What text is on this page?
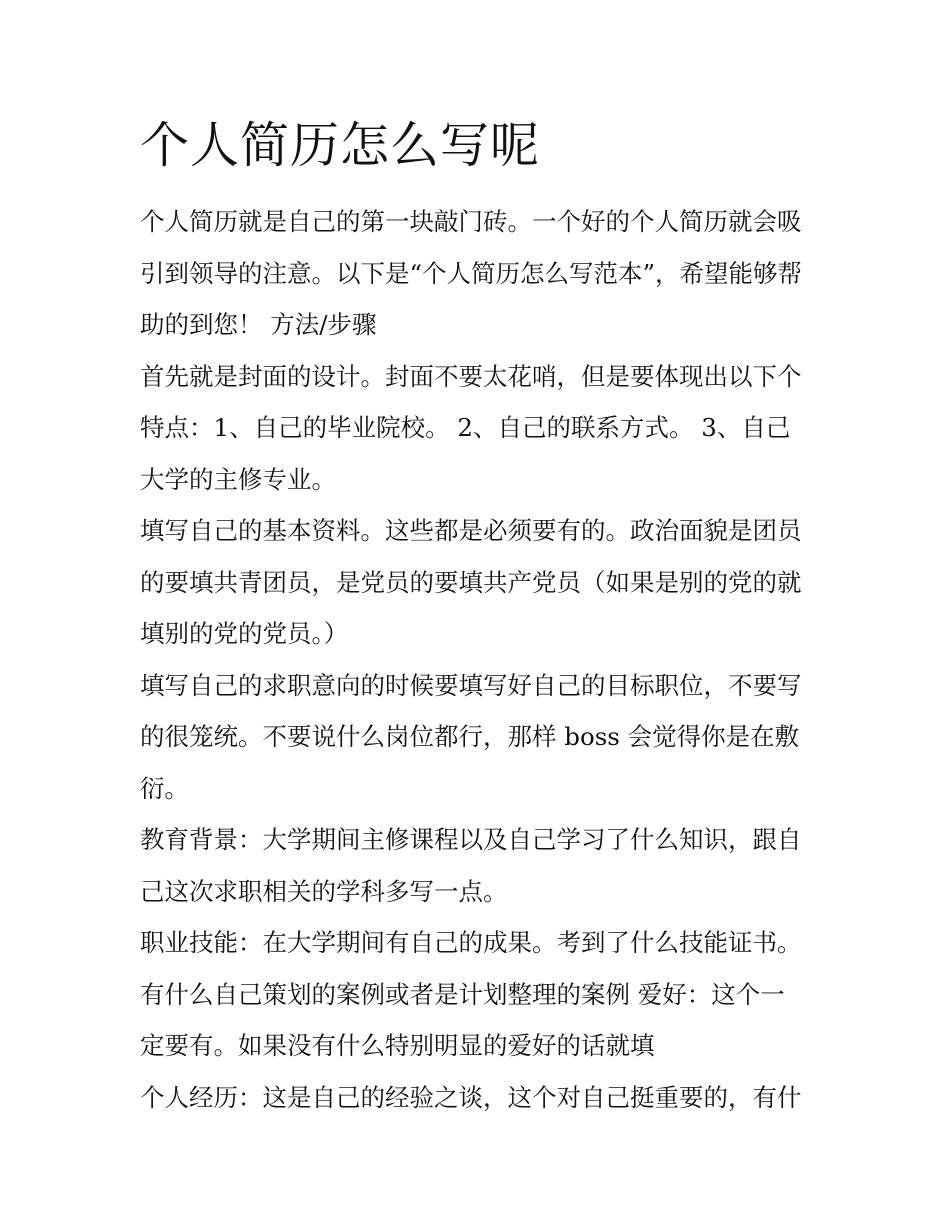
个人简历怎么写呢
个人简历就是自己的第一块敲门砖。一个好的个人简历就会吸
引到领导的注意。以下是“个人简历怎么写范本”，希望能够帮
助的到您！ 方法/步骤
首先就是封面的设计。封面不要太花哨，但是要体现出以下个
特点：1、自己的毕业院校。 2、自己的联系方式。 3、自己
大学的主修专业。
填写自己的基本资料。这些都是必须要有的。政治面貌是团员
的要填共青团员，是党员的要填共产党员（如果是别的党的就
填别的党的党员。）
填写自己的求职意向的时候要填写好自己的目标职位，不要写
的很笼统。不要说什么岗位都行，那样 boss 会觉得你是在敷
衍。
教育背景：大学期间主修课程以及自己学习了什么知识，跟自
己这次求职相关的学科多写一点。
职业技能：在大学期间有自己的成果。考到了什么技能证书。
有什么自己策划的案例或者是计划整理的案例 爱好：这个一
定要有。如果没有什么特别明显的爱好的话就填
个人经历：这是自己的经验之谈，这个对自己挺重要的，有什
